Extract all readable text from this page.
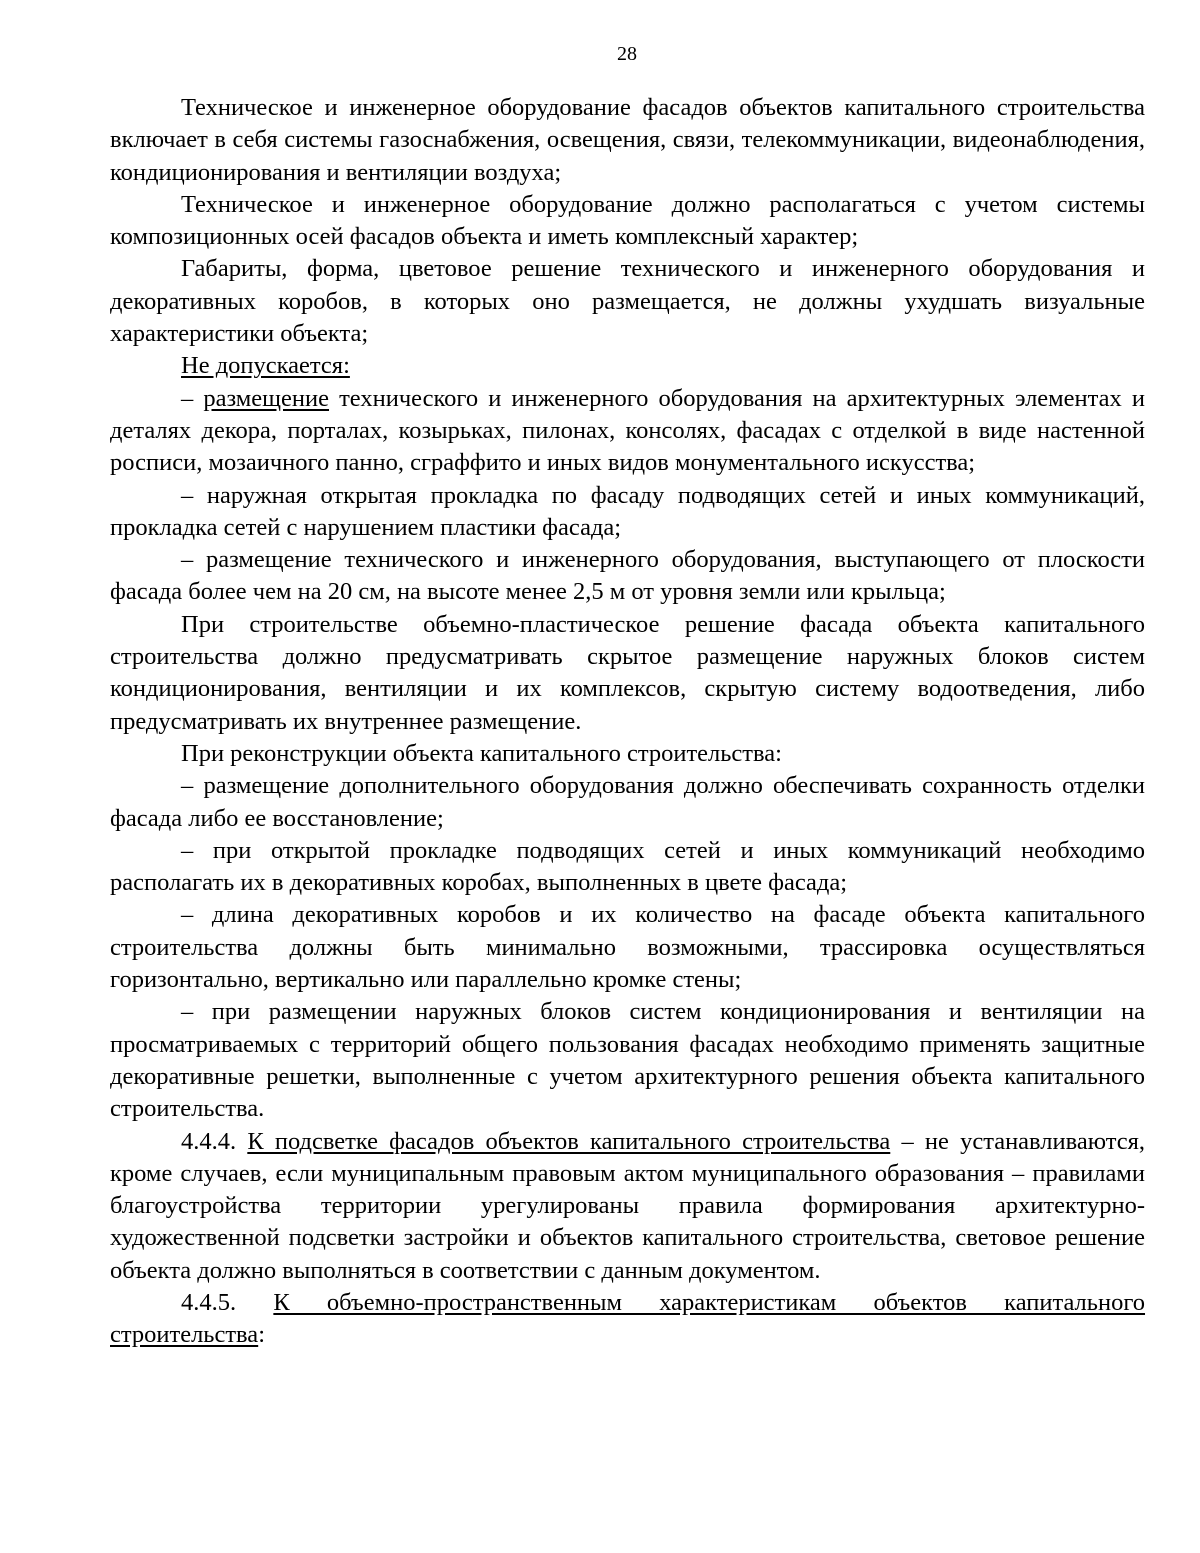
28

Техническое и инженерное оборудование фасадов объектов капитального строительства включает в себя системы газоснабжения, освещения, связи, телекоммуникации, видеонаблюдения, кондиционирования и вентиляции воздуха;

Техническое и инженерное оборудование должно располагаться с учетом системы композиционных осей фасадов объекта и иметь комплексный характер;

Габариты, форма, цветовое решение технического и инженерного оборудования и декоративных коробов, в которых оно размещается, не должны ухудшать визуальные характеристики объекта;

Не допускается:

– размещение технического и инженерного оборудования на архитектурных элементах и деталях декора, порталах, козырьках, пилонах, консолях, фасадах с отделкой в виде настенной росписи, мозаичного панно, сграффито и иных видов монументального искусства;

– наружная открытая прокладка по фасаду подводящих сетей и иных коммуникаций, прокладка сетей с нарушением пластики фасада;

– размещение технического и инженерного оборудования, выступающего от плоскости фасада более чем на 20 см, на высоте менее 2,5 м от уровня земли или крыльца;

При строительстве объемно-пластическое решение фасада объекта капитального строительства должно предусматривать скрытое размещение наружных блоков систем кондиционирования, вентиляции и их комплексов, скрытую систему водоотведения, либо предусматривать их внутреннее размещение.

При реконструкции объекта капитального строительства:

– размещение дополнительного оборудования должно обеспечивать сохранность отделки фасада либо ее восстановление;

– при открытой прокладке подводящих сетей и иных коммуникаций необходимо располагать их в декоративных коробах, выполненных в цвете фасада;

– длина декоративных коробов и их количество на фасаде объекта капитального строительства должны быть минимально возможными, трассировка осуществляться горизонтально, вертикально или параллельно кромке стены;

– при размещении наружных блоков систем кондиционирования и вентиляции на просматриваемых с территорий общего пользования фасадах необходимо применять защитные декоративные решетки, выполненные с учетом архитектурного решения объекта капитального строительства.

4.4.4. К подсветке фасадов объектов капитального строительства – не устанавливаются, кроме случаев, если муниципальным правовым актом муниципального образования – правилами благоустройства территории урегулированы правила формирования архитектурно-художественной подсветки застройки и объектов капитального строительства, световое решение объекта должно выполняться в соответствии с данным документом.

4.4.5. К объемно-пространственным характеристикам объектов капитального строительства:
